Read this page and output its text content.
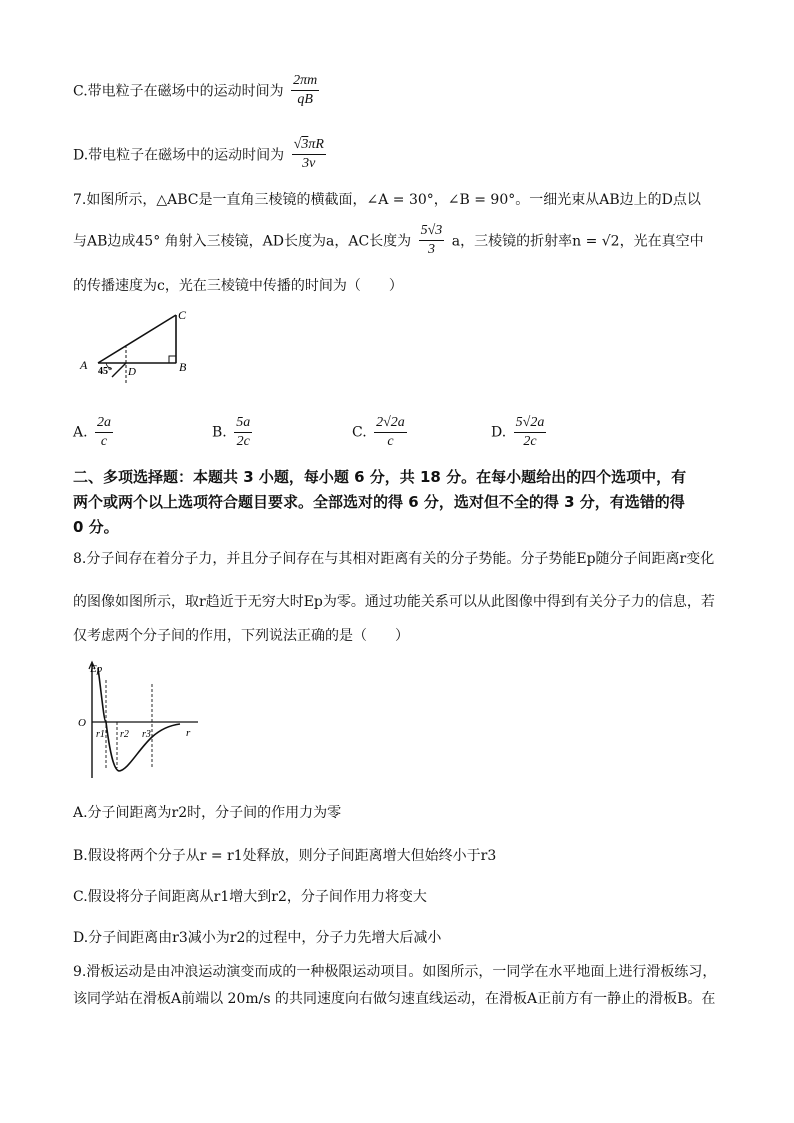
C.带电粒子在磁场中的运动时间为 $\frac{2\pi m}{qB}$
D.带电粒子在磁场中的运动时间为 $\frac{√3\pi R}{3v}$
7.如图所示，△ABC是一直角三棱镜的横截面，∠A = 30°，∠B = 90°。一细光束从AB边上的D点以
与AB边成45° 角射入三棱镜，AD长度为a，AC长度为 $\frac{5√3}{3}$ a，三棱镜的折射率n = √2，光在真空中
的传播速度为c，光在三棱镜中传播的时间为（　　）
A	B
C
D
45°
A. $\frac{2a}{c}$	B. $\frac{5a}{2c}$	C. $\frac{2√2a}{c}$	D. $\frac{5√2a}{2c}$
二、多项选择题：本题共 3 小题，每小题 6 分，共 18 分。在每小题给出的四个选项中，有
两个或两个以上选项符合题目要求。全部选对的得 6 分，选对但不全的得 3 分，有选错的得
0 分。
8.分子间存在着分子力，并且分子间存在与其相对距离有关的分子势能。分子势能Ep随分子间距离r变化
的图像如图所示，取r趋近于无穷大时Ep为零。通过功能关系可以从此图像中得到有关分子力的信息，若
仅考虑两个分子间的作用，下列说法正确的是（　　）
Ep
O
r
r1 r2 r3
A.分子间距离为r2时，分子间的作用力为零
B.假设将两个分子从r = r1处释放，则分子间距离增大但始终小于r3
C.假设将分子间距离从r1增大到r2，分子间作用力将变大
D.分子间距离由r3减小为r2的过程中，分子力先增大后减小
9.滑板运动是由冲浪运动演变而成的一种极限运动项目。如图所示，一同学在水平地面上进行滑板练习，
该同学站在滑板A前端以 20m/s 的共同速度向右做匀速直线运动，在滑板A正前方有一静止的滑板B。在
